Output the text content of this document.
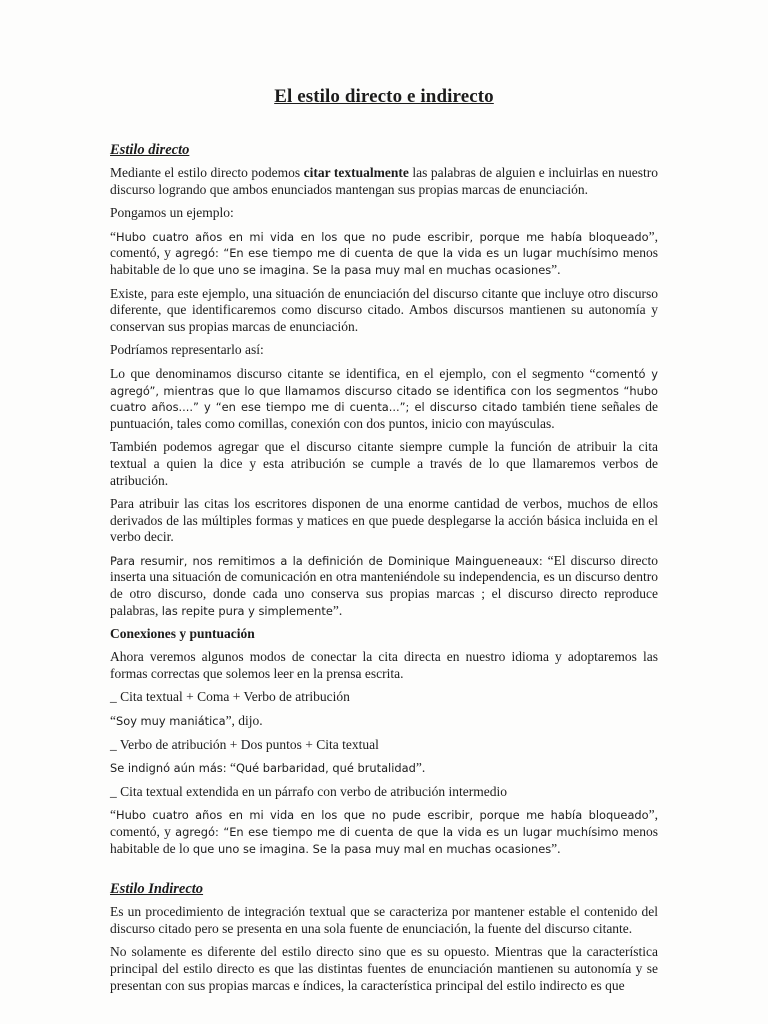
El estilo directo e indirecto
Estilo directo

Mediante el estilo directo podemos citar textualmente las palabras de alguien e incluirlas en nuestro discurso logrando que ambos enunciados mantengan sus propias marcas de enunciación.

Pongamos un ejemplo:

“Hubo cuatro años en mi vida en los que no pude escribir, porque me había bloqueado”, comentó, y agregó: “En ese tiempo me di cuenta de que la vida es un lugar muchísimo menos habitable de lo que uno se imagina. Se la pasa muy mal en muchas ocasiones”.

Existe, para este ejemplo, una situación de enunciación del discurso citante que incluye otro discurso diferente, que identificaremos como discurso citado. Ambos discursos mantienen su autonomía y conservan sus propias marcas de enunciación.

Podríamos representarlo así:

Lo que denominamos discurso citante se identifica, en el ejemplo, con el segmento “comentó y agregó”, mientras que lo que llamamos discurso citado se identifica con los segmentos “hubo cuatro años....” y “en ese tiempo me di cuenta...”; el discurso citado también tiene señales de puntuación, tales como comillas, conexión con dos puntos, inicio con mayúsculas.

También podemos agregar que el discurso citante siempre cumple la función de atribuir la cita textual a quien la dice y esta atribución se cumple a través de lo que llamaremos verbos de atribución.

Para atribuir las citas los escritores disponen de una enorme cantidad de verbos, muchos de ellos derivados de las múltiples formas y matices en que puede desplegarse la acción básica incluida en el verbo decir.

Para resumir, nos remitimos a la definición de Dominique Maingueneaux: “El discurso directo inserta una situación de comunicación en otra manteniéndole su independencia, es un discurso dentro de otro discurso, donde cada uno conserva sus propias marcas ; el discurso directo reproduce palabras, las repite pura y simplemente”.

Conexiones y puntuación

Ahora veremos algunos modos de conectar la cita directa en nuestro idioma y adoptaremos las formas correctas que solemos leer en la prensa escrita.

_ Cita textual + Coma + Verbo de atribución

“Soy muy maniática”, dijo.

_ Verbo de atribución + Dos puntos + Cita textual

Se indignó aún más: “Qué barbaridad, qué brutalidad”.

_ Cita textual extendida en un párrafo con verbo de atribución intermedio

“Hubo cuatro años en mi vida en los que no pude escribir, porque me había bloqueado”, comentó, y agregó: “En ese tiempo me di cuenta de que la vida es un lugar muchísimo menos habitable de lo que uno se imagina. Se la pasa muy mal en muchas ocasiones”.

Estilo Indirecto

Es un procedimiento de integración textual que se caracteriza por mantener estable el contenido del discurso citado pero se presenta en una sola fuente de enunciación, la fuente del discurso citante.

No solamente es diferente del estilo directo sino que es su opuesto. Mientras que la característica principal del estilo directo es que las distintas fuentes de enunciación mantienen su autonomía y se presentan con sus propias marcas e índices, la característica principal del estilo indirecto es que
